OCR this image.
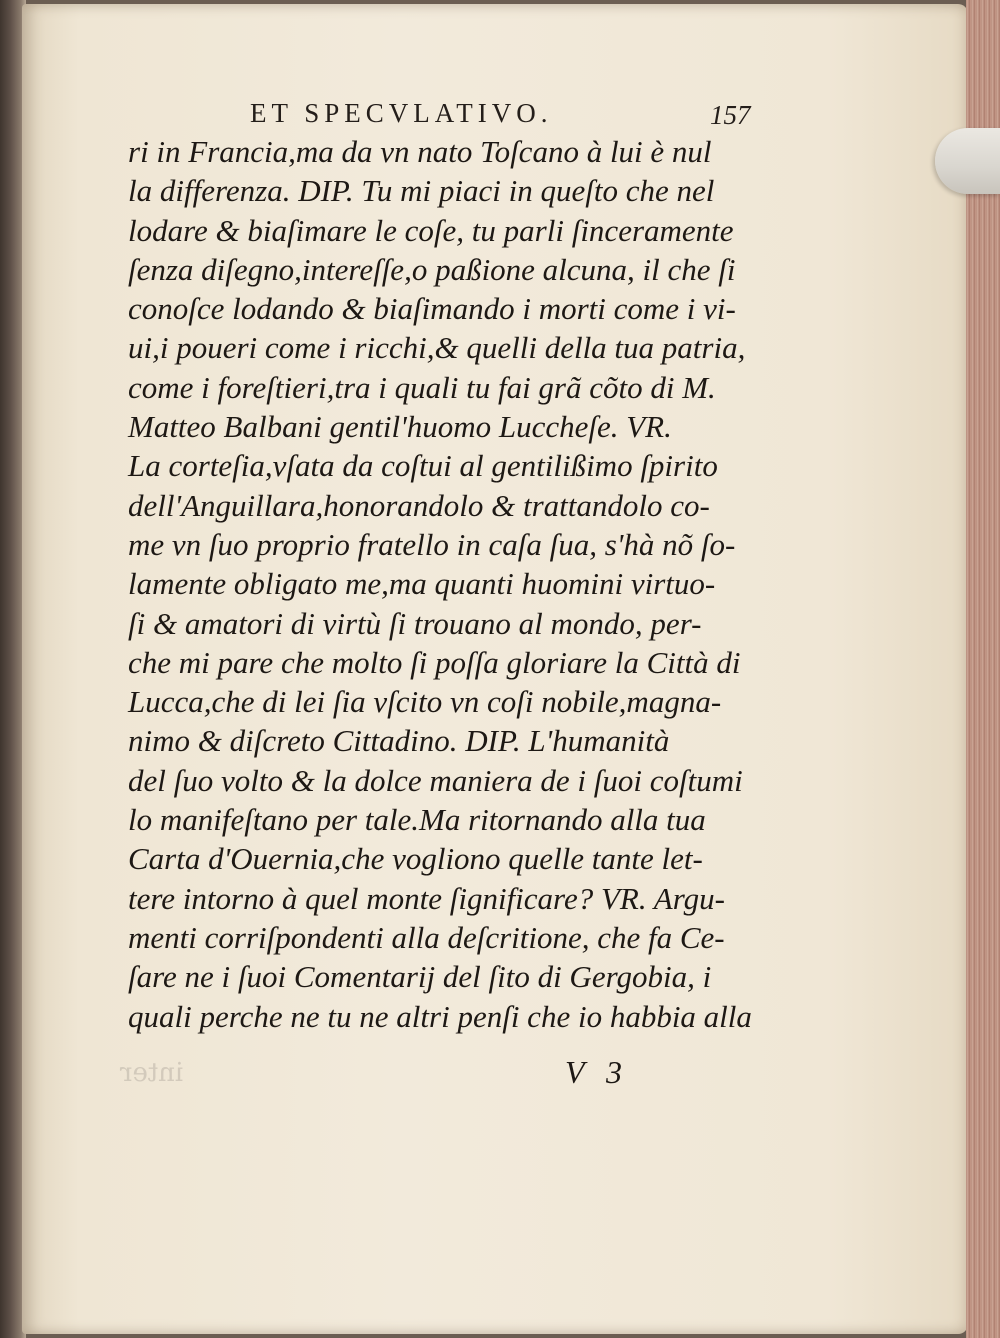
inter
ET SPECVLATIVO.	157
ri in Francia,ma da vn nato Toſcano à lui è nul
la differenza. DIP. Tu mi piaci in queſto che nel
lodare & biaſimare le coſe, tu parli ſinceramente
ſenza diſegno,intereſſe,o paßione alcuna, il che ſi
conoſce lodando & biaſimando i morti come i vi-
ui,i poueri come i ricchi,& quelli della tua patria,
come i foreſtieri,tra i quali tu fai grã cõto di M.
Matteo Balbani gentil'huomo Luccheſe. VR.
La corteſia,vſata da coſtui al gentilißimo ſpirito
dell'Anguillara,honorandolo & trattandolo co-
me vn ſuo proprio fratello in caſa ſua, s'hà nõ ſo-
lamente obligato me,ma quanti huomini virtuo-
ſi & amatori di virtù ſi trouano al mondo, per-
che mi pare che molto ſi poſſa gloriare la Città di
Lucca,che di lei ſia vſcito vn coſi nobile,magna-
nimo & diſcreto Cittadino. DIP. L'humanità
del ſuo volto & la dolce maniera de i ſuoi coſtumi
lo manifeſtano per tale.Ma ritornando alla tua
Carta d'Ouernia,che vogliono quelle tante let-
tere intorno à quel monte ſignificare? VR. Argu-
menti corriſpondenti alla deſcritione, che fa Ce-
ſare ne i ſuoi Comentarij del ſito di Gergobia, i
quali perche ne tu ne altri penſi che io habbia alla
V 3
